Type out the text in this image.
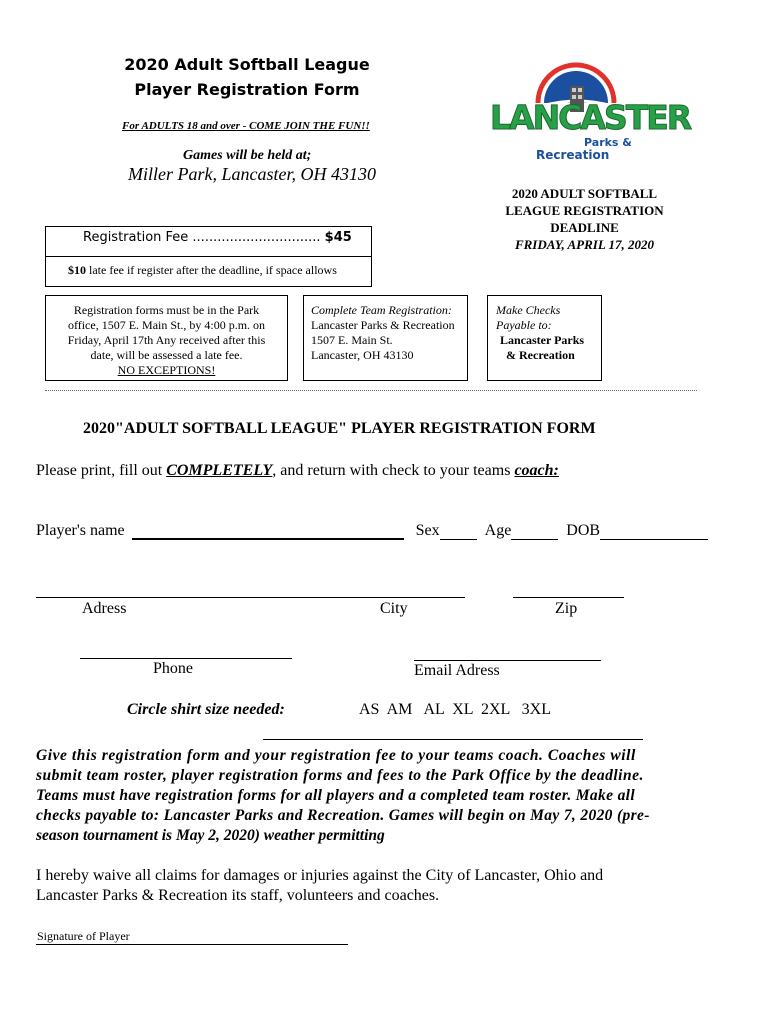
2020 Adult Softball League
Player Registration Form
For ADULTS 18 and over - COME JOIN THE FUN!!
Games will be held at;
Miller Park, Lancaster, OH 43130
LANCASTER
Parks &
Recreation
2020 ADULT SOFTBALL
LEAGUE REGISTRATION
DEADLINE
FRIDAY, APRIL 17, 2020
Registration Fee ............................... $45
$10 late fee if register after the deadline, if space allows
Registration forms must be in the Park
office, 1507 E. Main St., by 4:00 p.m. on
Friday, April 17th Any received after this
date, will be assessed a late fee.
NO EXCEPTIONS!
Complete Team Registration:
Lancaster Parks & Recreation
1507 E. Main St.
Lancaster, OH 43130
Make Checks
Payable to:
Lancaster Parks
& Recreation
2020"ADULT SOFTBALL LEAGUE" PLAYER REGISTRATION FORM
Please print, fill out COMPLETELY, and return with check to your teams coach:
Player's name	Sex	Age	DOB
Adress	City	Zip
Phone	Email Adress
Circle shirt size needed:	AS  AM   AL  XL  2XL   3XL
Give this registration form and your registration fee to your teams coach. Coaches will
submit team roster, player registration forms and fees to the Park Office by the deadline.
Teams must have registration forms for all players and a completed team roster. Make all
checks payable to: Lancaster Parks and Recreation. Games will begin on May 7, 2020 (pre-
season tournament is May 2, 2020) weather permitting
I hereby waive all claims for damages or injuries against the City of Lancaster, Ohio and
Lancaster Parks & Recreation its staff, volunteers and coaches.
Signature of Player
